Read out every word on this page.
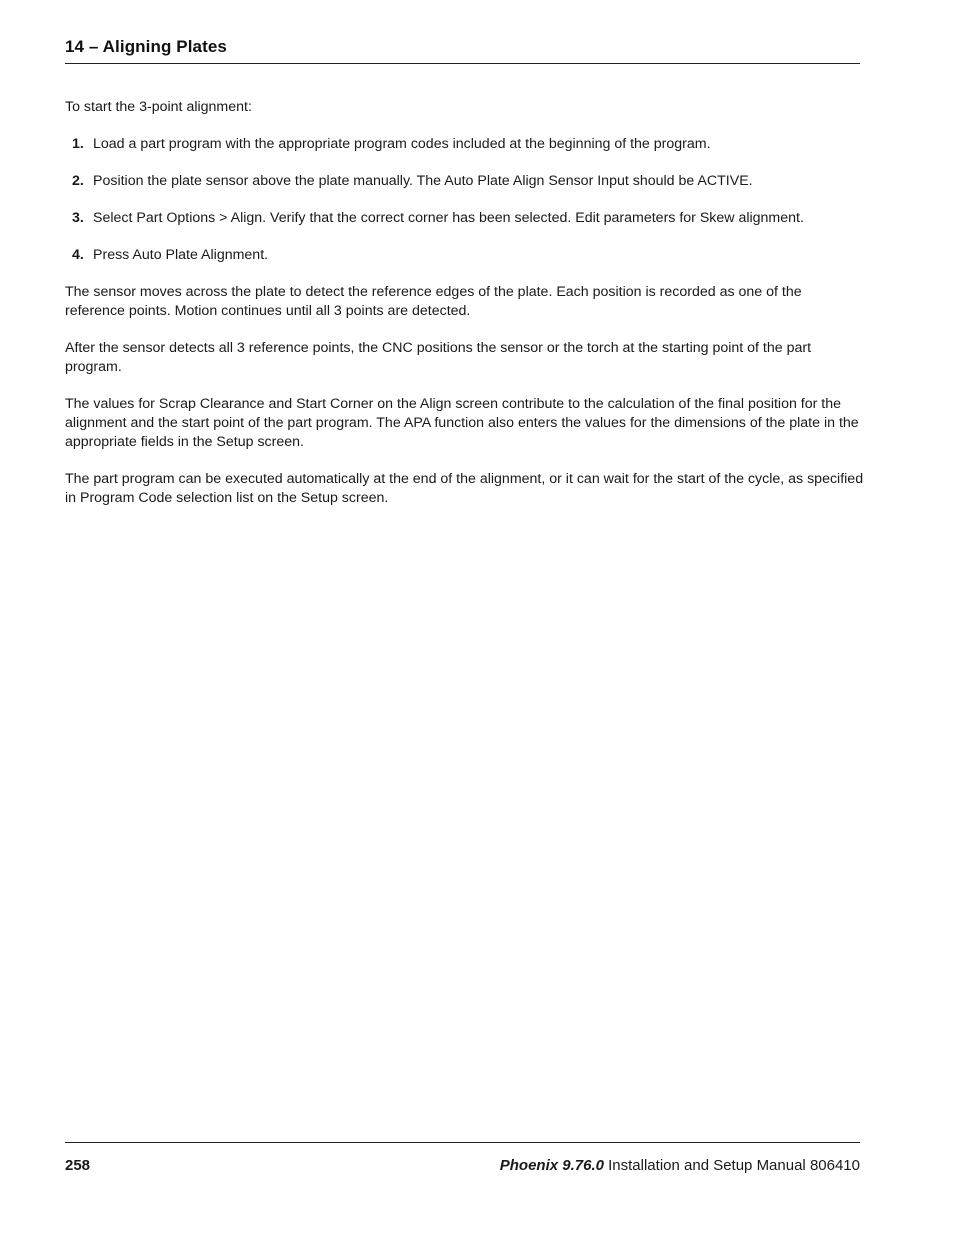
14 – Aligning Plates

To start the 3-point alignment:

1. Load a part program with the appropriate program codes included at the beginning of the program.
2. Position the plate sensor above the plate manually. The Auto Plate Align Sensor Input should be ACTIVE.
3. Select Part Options > Align. Verify that the correct corner has been selected. Edit parameters for Skew alignment.
4. Press Auto Plate Alignment.

The sensor moves across the plate to detect the reference edges of the plate. Each position is recorded as one of the reference points. Motion continues until all 3 points are detected.

After the sensor detects all 3 reference points, the CNC positions the sensor or the torch at the starting point of the part program.

The values for Scrap Clearance and Start Corner on the Align screen contribute to the calculation of the final position for the alignment and the start point of the part program. The APA function also enters the values for the dimensions of the plate in the appropriate fields in the Setup screen.

The part program can be executed automatically at the end of the alignment, or it can wait for the start of the cycle, as specified in Program Code selection list on the Setup screen.

258	Phoenix 9.76.0 Installation and Setup Manual 806410
